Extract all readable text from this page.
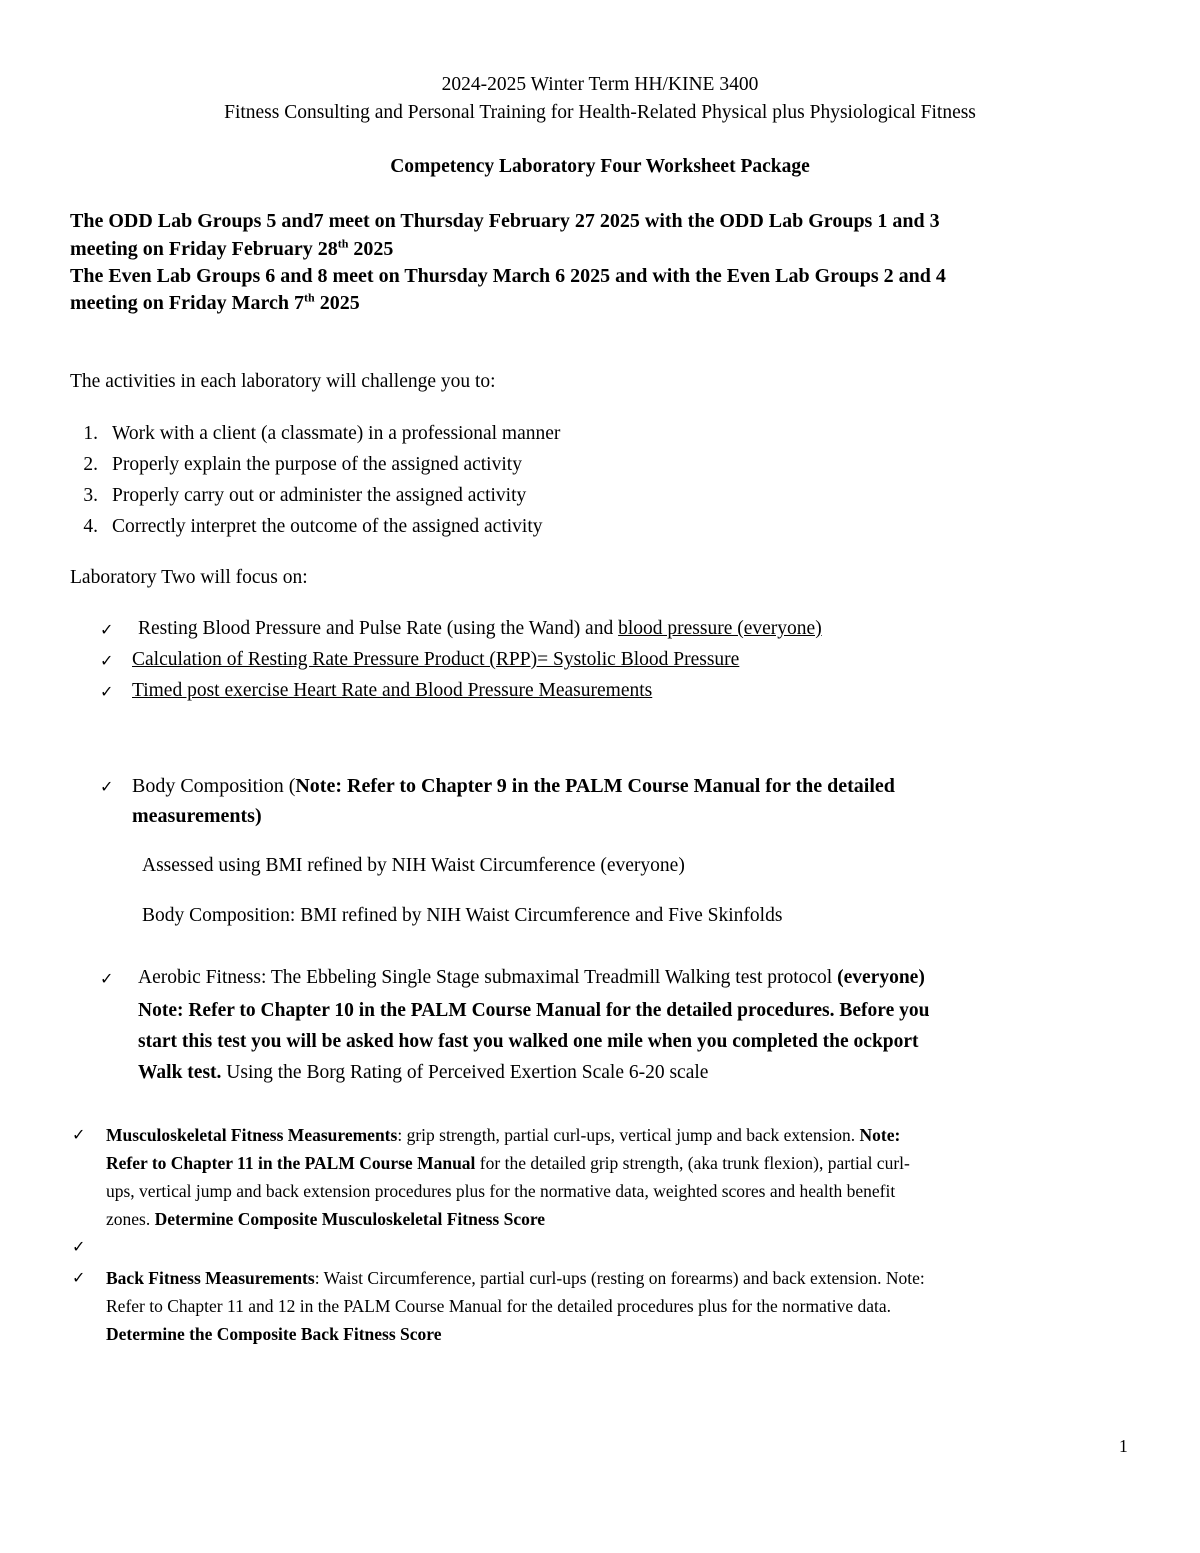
2024-2025 Winter Term HH/KINE 3400
Fitness Consulting and Personal Training for Health-Related Physical plus Physiological Fitness
Competency Laboratory Four Worksheet Package
The ODD Lab Groups 5 and7 meet on Thursday February 27 2025 with the ODD Lab Groups 1 and 3
meeting on Friday February 28th 2025
The Even Lab Groups 6 and 8 meet on Thursday March 6 2025 and with the Even Lab Groups 2 and 4
meeting on Friday March 7th 2025
The activities in each laboratory will challenge you to:
1. Work with a client (a classmate) in a professional manner
2. Properly explain the purpose of the assigned activity
3. Properly carry out or administer the assigned activity
4. Correctly interpret the outcome of the assigned activity
Laboratory Two will focus on:
✓ Resting Blood Pressure and Pulse Rate (using the Wand) and blood pressure (everyone)
✓ Calculation of Resting Rate Pressure Product (RPP)= Systolic Blood Pressure
✓ Timed post exercise Heart Rate and Blood Pressure Measurements
✓ Body Composition (Note: Refer to Chapter 9 in the PALM Course Manual for the detailed
measurements)
Assessed using BMI refined by NIH Waist Circumference (everyone)
Body Composition: BMI refined by NIH Waist Circumference and Five Skinfolds
✓ Aerobic Fitness: The Ebbeling Single Stage submaximal Treadmill Walking test protocol (everyone)
Note: Refer to Chapter 10 in the PALM Course Manual for the detailed procedures. Before you
start this test you will be asked how fast you walked one mile when you completed the ockport
Walk test. Using the Borg Rating of Perceived Exertion Scale 6-20 scale
✓ Musculoskeletal Fitness Measurements: grip strength, partial curl-ups, vertical jump and back extension. Note:
Refer to Chapter 11 in the PALM Course Manual for the detailed grip strength, (aka trunk flexion), partial curl-
ups, vertical jump and back extension procedures plus for the normative data, weighted scores and health benefit
zones. Determine Composite Musculoskeletal Fitness Score
✓
✓ Back Fitness Measurements: Waist Circumference, partial curl-ups (resting on forearms) and back extension. Note:
Refer to Chapter 11 and 12 in the PALM Course Manual for the detailed procedures plus for the normative data.
Determine the Composite Back Fitness Score
1
